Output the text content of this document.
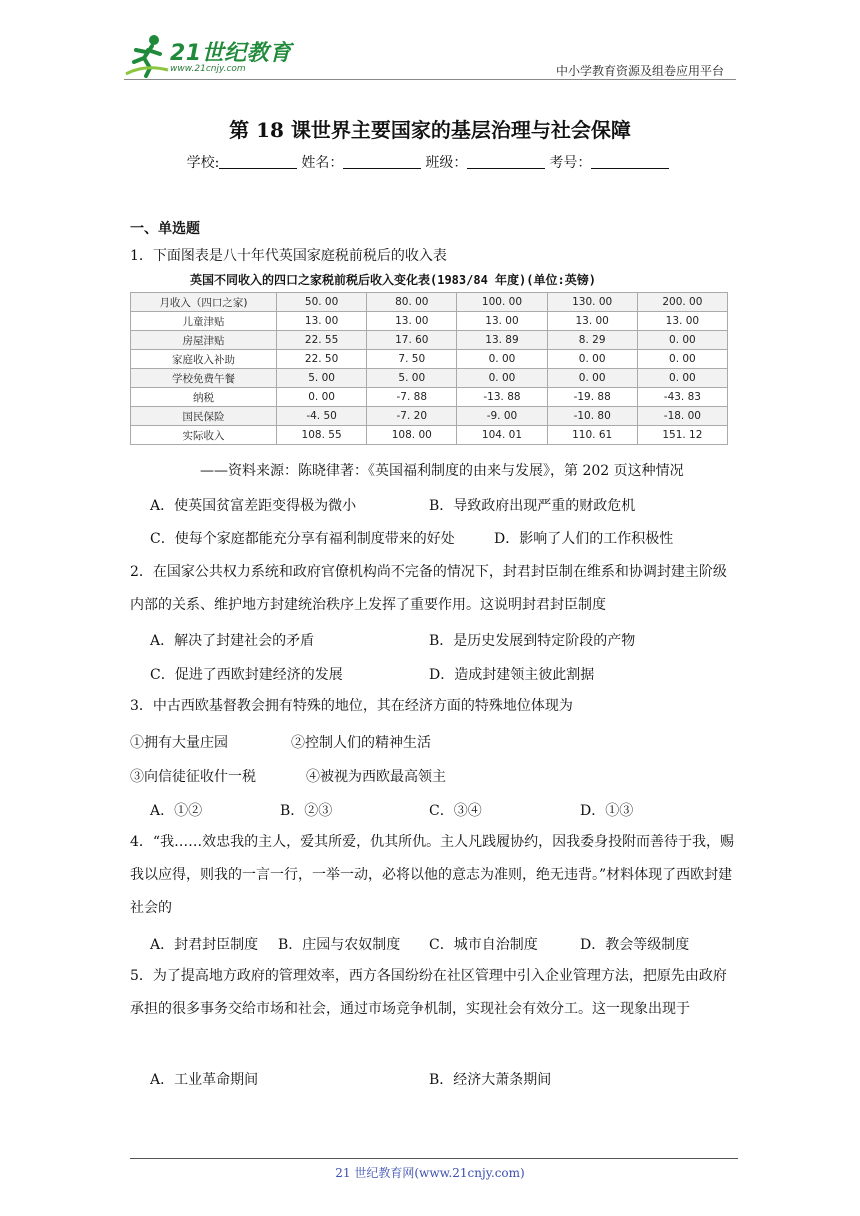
21世纪教育
www.21cnjy.com	中小学教育资源及组卷应用平台
第 18 课世界主要国家的基层治理与社会保障
学校:	姓名：	班级：	考号：
一、单选题
1．下面图表是八十年代英国家庭税前税后的收入表
英国不同收入的四口之家税前税后收入变化表(1983/84 年度)(单位:英镑)
月收入（四口之家)	50. 00	80. 00	100. 00	130. 00	200. 00
儿童津贴	13. 00	13. 00	13. 00	13. 00	13. 00
房屋津贴	22. 55	17. 60	13. 89	8. 29	0. 00
家庭收入补助	22. 50	7. 50	0. 00	0. 00	0. 00
学校免费午餐	5. 00	5. 00	0. 00	0. 00	0. 00
纳税	0. 00	-7. 88	-13. 88	-19. 88	-43. 83
国民保险	-4. 50	-7. 20	-9. 00	-10. 80	-18. 00
实际收入	108. 55	108. 00	104. 01	110. 61	151. 12
——资料来源：陈晓律著：《英国福利制度的由来与发展》，第 202 页这种情况
A．使英国贫富差距变得极为微小	B．导致政府出现严重的财政危机
C．使每个家庭都能充分享有福利制度带来的好处	D．影响了人们的工作积极性
2．在国家公共权力系统和政府官僚机构尚不完备的情况下，封君封臣制在维系和协调封建主阶级内部的关系、维护地方封建统治秩序上发挥了重要作用。这说明封君封臣制度
A．解决了封建社会的矛盾	B．是历史发展到特定阶段的产物
C．促进了西欧封建经济的发展	D．造成封建领主彼此割据
3．中古西欧基督教会拥有特殊的地位，其在经济方面的特殊地位体现为
①拥有大量庄园	②控制人们的精神生活
③向信徒征收什一税	④被视为西欧最高领主
A．①②	B．②③	C．③④	D．①③
4．“我……效忠我的主人，爱其所爱，仇其所仇。主人凡践履协约，因我委身投附而善待于我，赐我以应得，则我的一言一行，一举一动，必将以他的意志为准则，绝无违背。”材料体现了西欧封建社会的
A．封君封臣制度 B．庄园与农奴制度 C．城市自治制度	D．教会等级制度
5．为了提高地方政府的管理效率，西方各国纷纷在社区管理中引入企业管理方法，把原先由政府承担的很多事务交给市场和社会，通过市场竞争机制，实现社会有效分工。这一现象出现于
A．工业革命期间	B．经济大萧条期间
21 世纪教育网(www.21cnjy.com)
